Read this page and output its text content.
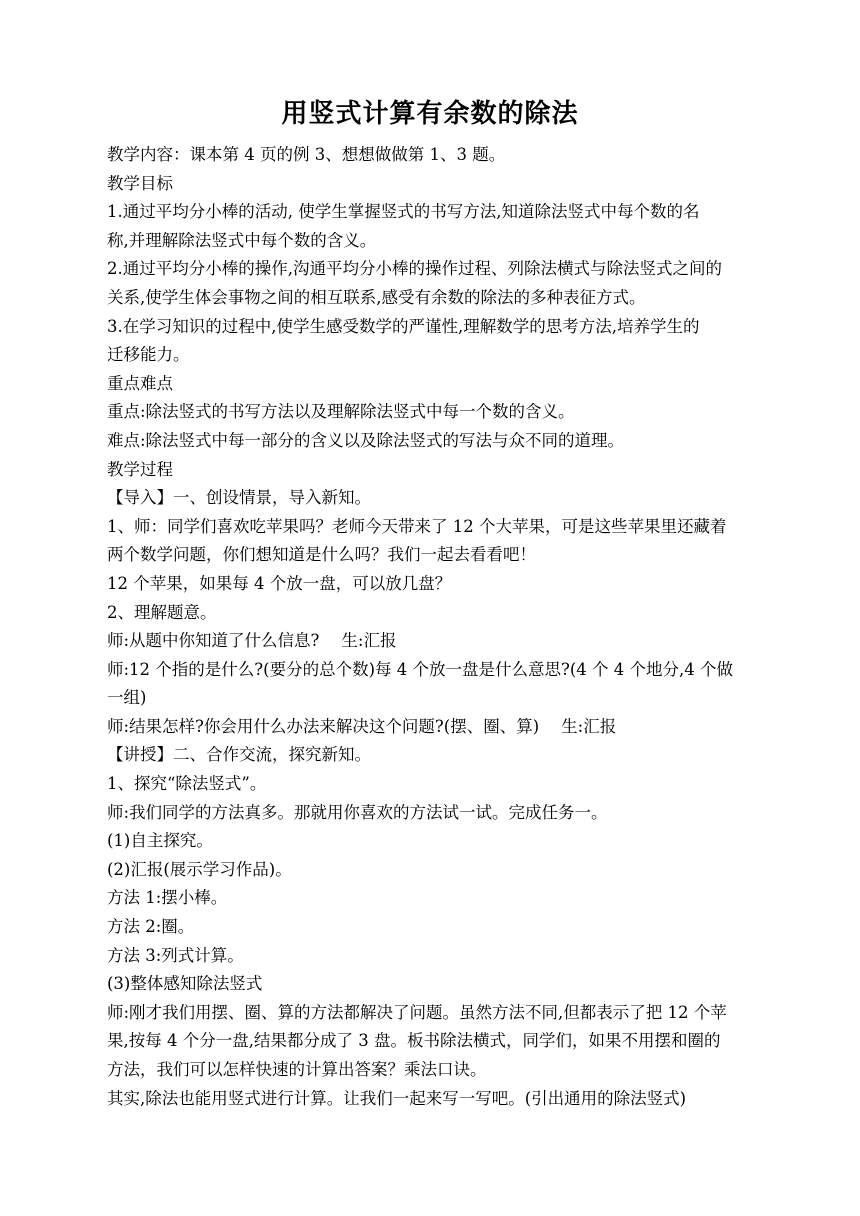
用竖式计算有余数的除法

教学内容：课本第 4 页的例 3、想想做做第 1、3 题。

教学目标

1.通过平均分小棒的活动, 使学生掌握竖式的书写方法,知道除法竖式中每个数的名

称,并理解除法竖式中每个数的含义。

2.通过平均分小棒的操作,沟通平均分小棒的操作过程、列除法横式与除法竖式之间的

关系,使学生体会事物之间的相互联系,感受有余数的除法的多种表征方式。

3.在学习知识的过程中,使学生感受数学的严谨性,理解数学的思考方法,培养学生的

迁移能力。

重点难点

重点:除法竖式的书写方法以及理解除法竖式中每一个数的含义。

难点:除法竖式中每一部分的含义以及除法竖式的写法与众不同的道理。

教学过程

【导入】一、创设情景，导入新知。

1、师：同学们喜欢吃苹果吗？老师今天带来了 12 个大苹果，可是这些苹果里还藏着

两个数学问题，你们想知道是什么吗？我们一起去看看吧！

12 个苹果，如果每 4 个放一盘，可以放几盘？

2、理解题意。

师:从题中你知道了什么信息? 生:汇报

师:12 个指的是什么?(要分的总个数)每 4 个放一盘是什么意思?(4 个 4 个地分,4 个做

一组)

师:结果怎样?你会用什么办法来解决这个问题?(摆、圈、算) 生:汇报

【讲授】二、合作交流，探究新知。

1、探究“除法竖式”。

师:我们同学的方法真多。那就用你喜欢的方法试一试。完成任务一。

(1)自主探究。

(2)汇报(展示学习作品)。

方法 1:摆小棒。

方法 2:圈。

方法 3:列式计算。

(3)整体感知除法竖式

师:刚才我们用摆、圈、算的方法都解决了问题。虽然方法不同,但都表示了把 12 个苹

果,按每 4 个分一盘,结果都分成了 3 盘。板书除法横式，同学们，如果不用摆和圈的

方法，我们可以怎样快速的计算出答案？乘法口诀。

其实,除法也能用竖式进行计算。让我们一起来写一写吧。(引出通用的除法竖式)
